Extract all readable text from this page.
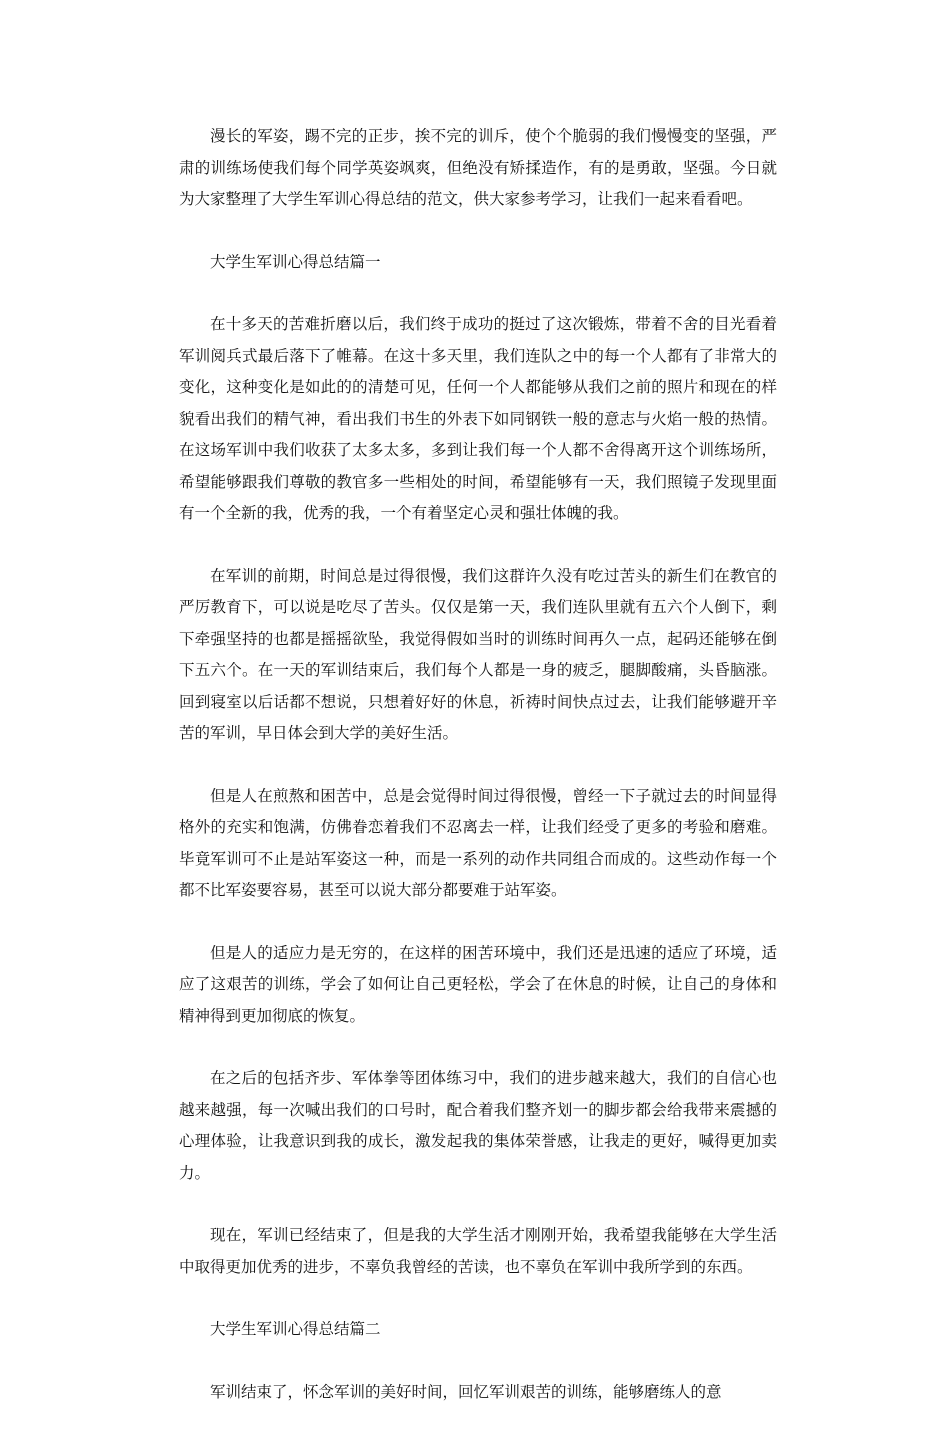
漫长的军姿，踢不完的正步，挨不完的训斥，使个个脆弱的我们慢慢变的坚强，严肃的训练场使我们每个同学英姿飒爽，但绝没有矫揉造作，有的是勇敢，坚强。今日就为大家整理了大学生军训心得总结的范文，供大家参考学习，让我们一起来看看吧。

大学生军训心得总结篇一

在十多天的苦难折磨以后，我们终于成功的挺过了这次锻炼，带着不舍的目光看着军训阅兵式最后落下了帷幕。在这十多天里，我们连队之中的每一个人都有了非常大的变化，这种变化是如此的的清楚可见，任何一个人都能够从我们之前的照片和现在的样貌看出我们的精气神，看出我们书生的外表下如同钢铁一般的意志与火焰一般的热情。在这场军训中我们收获了太多太多，多到让我们每一个人都不舍得离开这个训练场所，希望能够跟我们尊敬的教官多一些相处的时间，希望能够有一天，我们照镜子发现里面有一个全新的我，优秀的我，一个有着坚定心灵和强壮体魄的我。

在军训的前期，时间总是过得很慢，我们这群许久没有吃过苦头的新生们在教官的严厉教育下，可以说是吃尽了苦头。仅仅是第一天，我们连队里就有五六个人倒下，剩下牵强坚持的也都是摇摇欲坠，我觉得假如当时的训练时间再久一点，起码还能够在倒下五六个。在一天的军训结束后，我们每个人都是一身的疲乏，腿脚酸痛，头昏脑涨。回到寝室以后话都不想说，只想着好好的休息，祈祷时间快点过去，让我们能够避开辛苦的军训，早日体会到大学的美好生活。

但是人在煎熬和困苦中，总是会觉得时间过得很慢，曾经一下子就过去的时间显得格外的充实和饱满，仿佛眷恋着我们不忍离去一样，让我们经受了更多的考验和磨难。毕竟军训可不止是站军姿这一种，而是一系列的动作共同组合而成的。这些动作每一个都不比军姿要容易，甚至可以说大部分都要难于站军姿。

但是人的适应力是无穷的，在这样的困苦环境中，我们还是迅速的适应了环境，适应了这艰苦的训练，学会了如何让自己更轻松，学会了在休息的时候，让自己的身体和精神得到更加彻底的恢复。

在之后的包括齐步、军体拳等团体练习中，我们的进步越来越大，我们的自信心也越来越强，每一次喊出我们的口号时，配合着我们整齐划一的脚步都会给我带来震撼的心理体验，让我意识到我的成长，激发起我的集体荣誉感，让我走的更好，喊得更加卖力。

现在，军训已经结束了，但是我的大学生活才刚刚开始，我希望我能够在大学生活中取得更加优秀的进步，不辜负我曾经的苦读，也不辜负在军训中我所学到的东西。

大学生军训心得总结篇二

军训结束了，怀念军训的美好时间，回忆军训艰苦的训练，能够磨练人的意
